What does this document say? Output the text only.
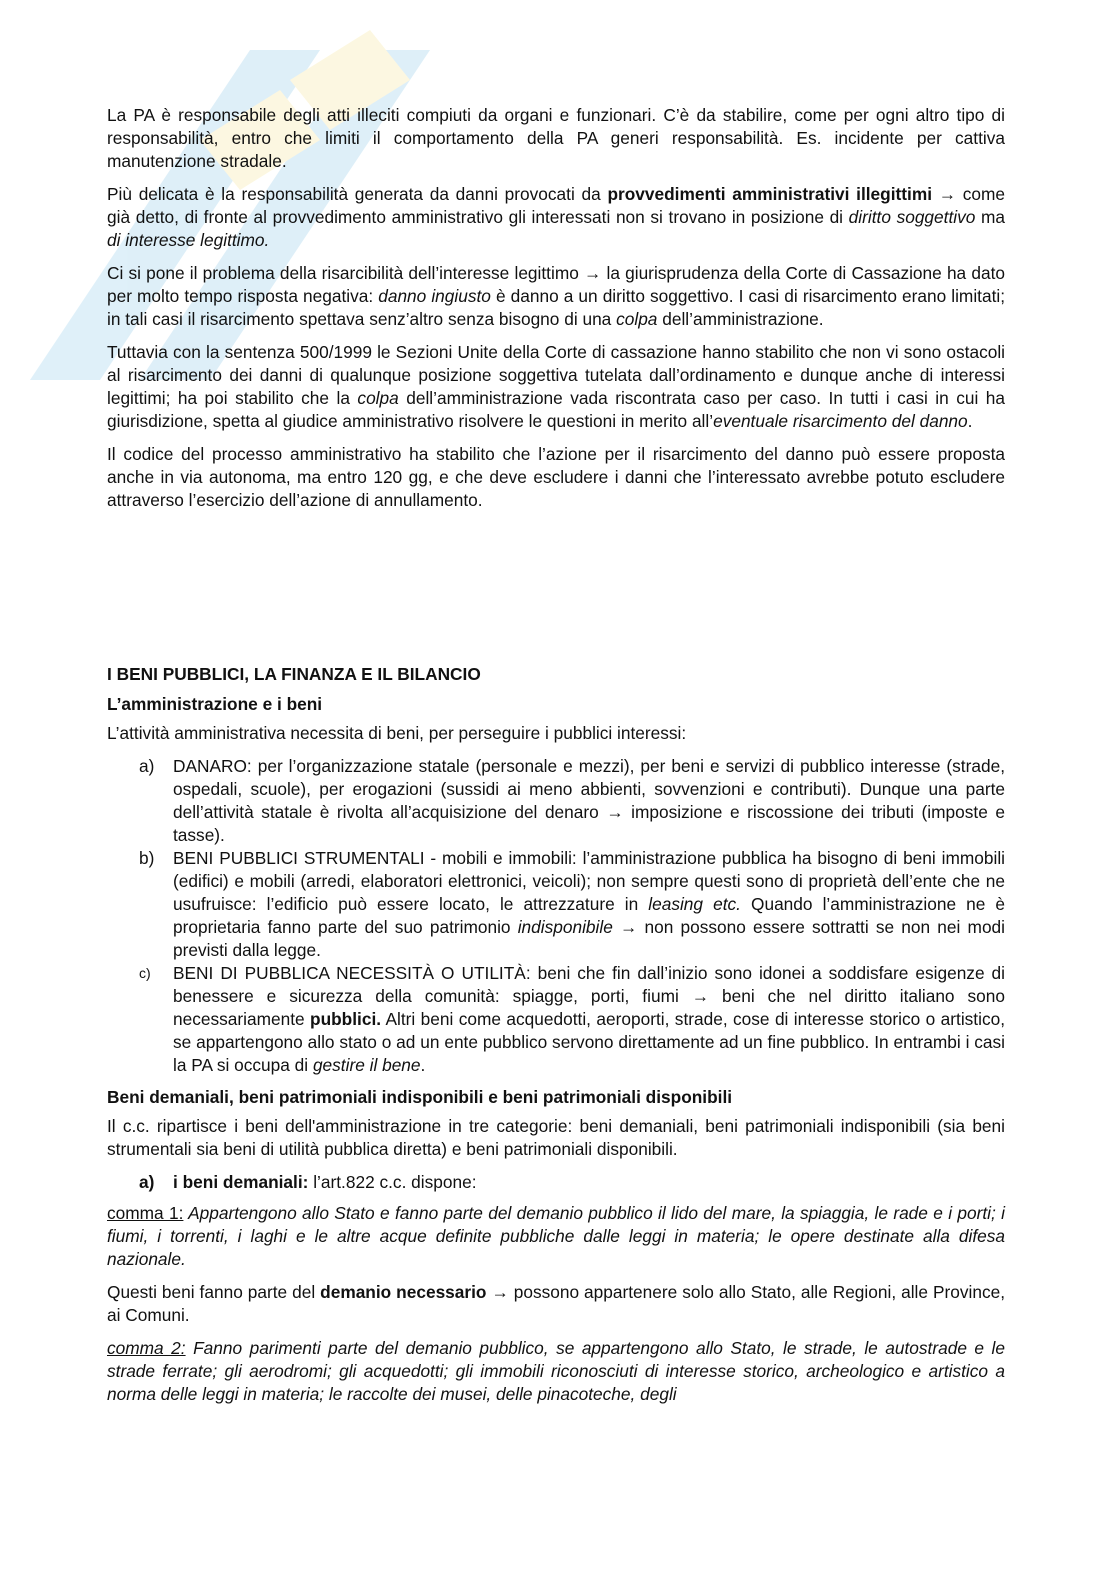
La PA è responsabile degli atti illeciti compiuti da organi e funzionari. C’è da stabilire, come per ogni altro tipo di responsabilità, entro che limiti il comportamento della PA generi responsabilità. Es. incidente per cattiva manutenzione stradale.

Più delicata è la responsabilità generata da danni provocati da provvedimenti amministrativi illegittimi → come già detto, di fronte al provvedimento amministrativo gli interessati non si trovano in posizione di diritto soggettivo ma di interesse legittimo.

Ci si pone il problema della risarcibilità dell’interesse legittimo → la giurisprudenza della Corte di Cassazione ha dato per molto tempo risposta negativa: danno ingiusto è danno a un diritto soggettivo. I casi di risarcimento erano limitati; in tali casi il risarcimento spettava senz’altro senza bisogno di una colpa dell’amministrazione.

Tuttavia con la sentenza 500/1999 le Sezioni Unite della Corte di cassazione hanno stabilito che non vi sono ostacoli al risarcimento dei danni di qualunque posizione soggettiva tutelata dall’ordinamento e dunque anche di interessi legittimi; ha poi stabilito che la colpa dell’amministrazione vada riscontrata caso per caso. In tutti i casi in cui ha giurisdizione, spetta al giudice amministrativo risolvere le questioni in merito all’eventuale risarcimento del danno.

Il codice del processo amministrativo ha stabilito che l’azione per il risarcimento del danno può essere proposta anche in via autonoma, ma entro 120 gg, e che deve escludere i danni che l’interessato avrebbe potuto escludere attraverso l’esercizio dell’azione di annullamento.

I BENI PUBBLICI, LA FINANZA E IL BILANCIO
L’amministrazione e i beni

L’attività amministrativa necessita di beni, per perseguire i pubblici interessi:

a) DANARO: per l’organizzazione statale (personale e mezzi), per beni e servizi di pubblico interesse (strade, ospedali, scuole), per erogazioni (sussidi ai meno abbienti, sovvenzioni e contributi). Dunque una parte dell’attività statale è rivolta all’acquisizione del denaro → imposizione e riscossione dei tributi (imposte e tasse).
b) BENI PUBBLICI STRUMENTALI - mobili e immobili: l’amministrazione pubblica ha bisogno di beni immobili (edifici) e mobili (arredi, elaboratori elettronici, veicoli); non sempre questi sono di proprietà dell’ente che ne usufruisce: l’edificio può essere locato, le attrezzature in leasing etc. Quando l’amministrazione ne è proprietaria fanno parte del suo patrimonio indisponibile → non possono essere sottratti se non nei modi previsti dalla legge.
c) BENI DI PUBBLICA NECESSITÀ O UTILITÀ: beni che fin dall’inizio sono idonei a soddisfare esigenze di benessere e sicurezza della comunità: spiagge, porti, fiumi → beni che nel diritto italiano sono necessariamente pubblici. Altri beni come acquedotti, aeroporti, strade, cose di interesse storico o artistico, se appartengono allo stato o ad un ente pubblico servono direttamente ad un fine pubblico. In entrambi i casi la PA si occupa di gestire il bene.
Beni demaniali, beni patrimoniali indisponibili e beni patrimoniali disponibili

Il c.c. ripartisce i beni dell'amministrazione in tre categorie: beni demaniali, beni patrimoniali indisponibili (sia beni strumentali sia beni di utilità pubblica diretta) e beni patrimoniali disponibili.

a) i beni demaniali: l’art.822 c.c. dispone:

comma 1: Appartengono allo Stato e fanno parte del demanio pubblico il lido del mare, la spiaggia, le rade e i porti; i fiumi, i torrenti, i laghi e le altre acque definite pubbliche dalle leggi in materia; le opere destinate alla difesa nazionale.

Questi beni fanno parte del demanio necessario → possono appartenere solo allo Stato, alle Regioni, alle Province, ai Comuni.

comma 2: Fanno parimenti parte del demanio pubblico, se appartengono allo Stato, le strade, le autostrade e le strade ferrate; gli aerodromi; gli acquedotti; gli immobili riconosciuti di interesse storico, archeologico e artistico a norma delle leggi in materia; le raccolte dei musei, delle pinacoteche, degli
